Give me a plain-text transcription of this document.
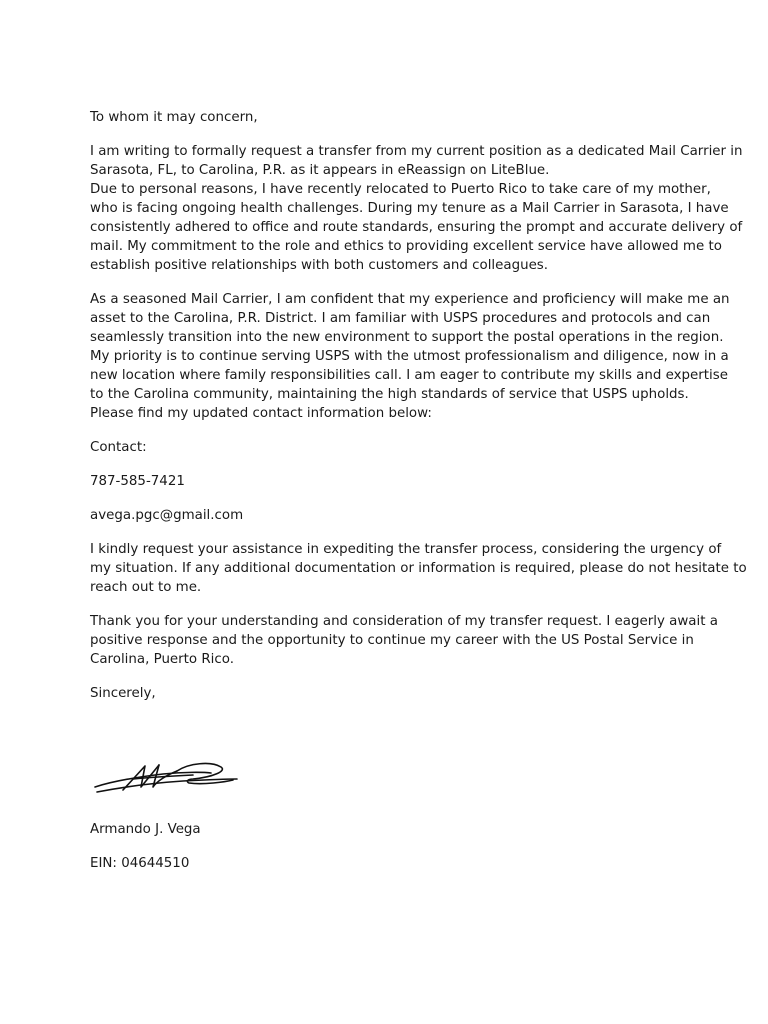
To whom it may concern,
I am writing to formally request a transfer from my current position as a dedicated Mail Carrier in
Sarasota, FL, to Carolina, P.R. as it appears in eReassign on LiteBlue.
Due to personal reasons, I have recently relocated to Puerto Rico to take care of my mother,
who is facing ongoing health challenges. During my tenure as a Mail Carrier in Sarasota, I have
consistently adhered to office and route standards, ensuring the prompt and accurate delivery of
mail. My commitment to the role and ethics to providing excellent service have allowed me to
establish positive relationships with both customers and colleagues.
As a seasoned Mail Carrier, I am confident that my experience and proficiency will make me an
asset to the Carolina, P.R. District. I am familiar with USPS procedures and protocols and can
seamlessly transition into the new environment to support the postal operations in the region.
My priority is to continue serving USPS with the utmost professionalism and diligence, now in a
new location where family responsibilities call. I am eager to contribute my skills and expertise
to the Carolina community, maintaining the high standards of service that USPS upholds.
Please find my updated contact information below:
Contact:
787-585-7421
avega.pgc@gmail.com
I kindly request your assistance in expediting the transfer process, considering the urgency of
my situation. If any additional documentation or information is required, please do not hesitate to
reach out to me.
Thank you for your understanding and consideration of my transfer request. I eagerly await a
positive response and the opportunity to continue my career with the US Postal Service in
Carolina, Puerto Rico.
Sincerely,
Armando J. Vega
EIN: 04644510
